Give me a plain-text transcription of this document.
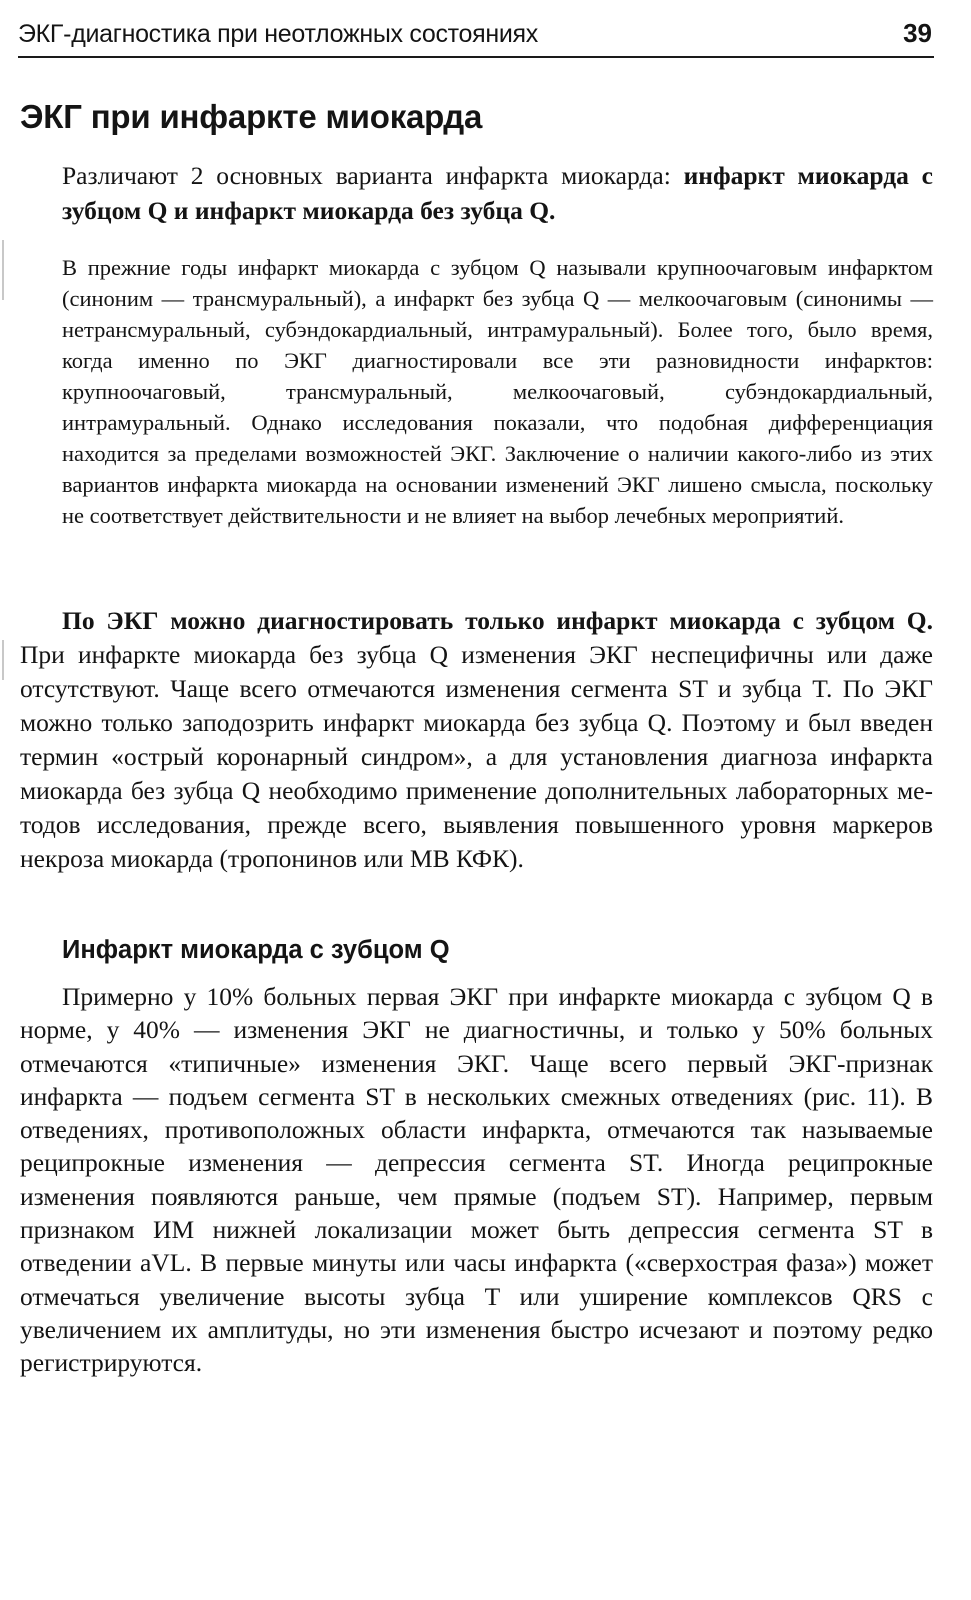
ЭКГ-диагностика при неотложных состояниях	39
ЭКГ при инфаркте миокарда

Различают 2 основных варианта инфаркта миокарда: инфаркт миокарда с зубцом Q и инфаркт миокарда без зубца Q.

В прежние годы инфаркт миокарда с зубцом Q называли крупноочаговым инфарктом (синоним — трансмуральный), а инфаркт без зубца Q — мелкоочаговым (синонимы — нетрансмуральный, субэндокардиальный, интрамуральный). Более того, было время, когда именно по ЭКГ диагностировали все эти разновидности инфарктов: крупноочаговый, трансмуральный, мелкоочаговый, субэндокардиальный, интрамуральный. Однако исследования показали, что подобная дифференциация находится за пределами возможностей ЭКГ. Заключение о наличии какого-либо из этих вариантов инфаркта миокарда на основании изменений ЭКГ лишено смысла, поскольку не соответствует действительности и не влияет на выбор лечебных мероприятий.

По ЭКГ можно диагностировать только инфаркт миокарда с зубцом Q. При инфаркте миокарда без зубца Q изменения ЭКГ неспецифичны или даже отсутствуют. Чаще всего отмечаются изменения сегмента ST и зубца T. По ЭКГ можно только заподозрить инфаркт миокарда без зубца Q. Поэтому и был введен термин «острый коронарный синдром», а для установления диагноза инфаркта миокарда без зубца Q необходимо применение дополнительных лабораторных методов исследования, прежде всего, выявления повышенного уровня маркеров некроза миокарда (тропонинов или MB КФК).

Инфаркт миокарда с зубцом Q

Примерно у 10% больных первая ЭКГ при инфаркте миокарда с зубцом Q в норме, у 40% — изменения ЭКГ не диагностичны, и только у 50% больных отмечаются «типичные» изменения ЭКГ. Чаще всего первый ЭКГ-признак инфаркта — подъем сегмента ST в нескольких смежных отведениях (рис. 11). В отведениях, противоположных области инфаркта, отмечаются так называемые реципрокные изменения — депрессия сегмента ST. Иногда реципрокные изменения появляются раньше, чем прямые (подъем ST). Например, первым признаком ИМ нижней локализации может быть депрессия сегмента ST в отведении aVL. В первые минуты или часы инфаркта («сверхострая фаза») может отмечаться увеличение высоты зубца T или уширение комплексов QRS с увеличением их амплитуды, но эти изменения быстро исчезают и поэтому редко регистрируются.
